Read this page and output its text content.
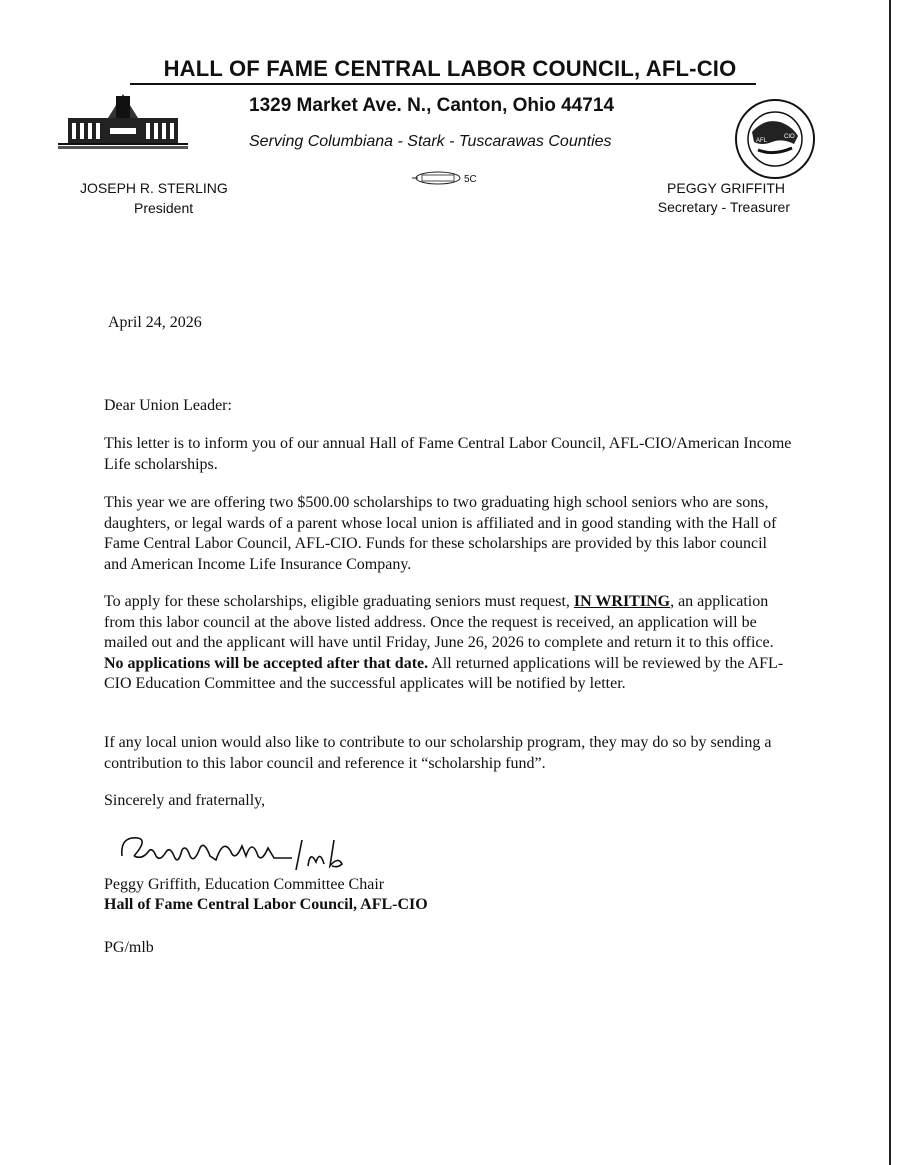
HALL OF FAME CENTRAL LABOR COUNCIL, AFL-CIO
1329 Market Ave. N., Canton, Ohio 44714
Serving Columbiana - Stark - Tuscarawas Counties	AFL
CIO
5C
JOSEPH R. STERLING
President
PEGGY GRIFFITH
Secretary - Treasurer
April 24, 2026
Dear Union Leader:
This letter is to inform you of our annual Hall of Fame Central Labor Council, AFL-CIO/American Income Life scholarships.
This year we are offering two $500.00 scholarships to two graduating high school seniors who are sons, daughters, or legal wards of a parent whose local union is affiliated and in good standing with the Hall of Fame Central Labor Council, AFL-CIO. Funds for these scholarships are provided by this labor council and American Income Life Insurance Company.
To apply for these scholarships, eligible graduating seniors must request, IN WRITING, an application from this labor council at the above listed address. Once the request is received, an application will be mailed out and the applicant will have until Friday, June 26, 2026 to complete and return it to this office. No applications will be accepted after that date. All returned applications will be reviewed by the AFL-CIO Education Committee and the successful applicates will be notified by letter.
If any local union would also like to contribute to our scholarship program, they may do so by sending a contribution to this labor council and reference it “scholarship fund”.
Sincerely and fraternally,
Peggy Griffith, Education Committee Chair
Hall of Fame Central Labor Council, AFL-CIO
PG/mlb
